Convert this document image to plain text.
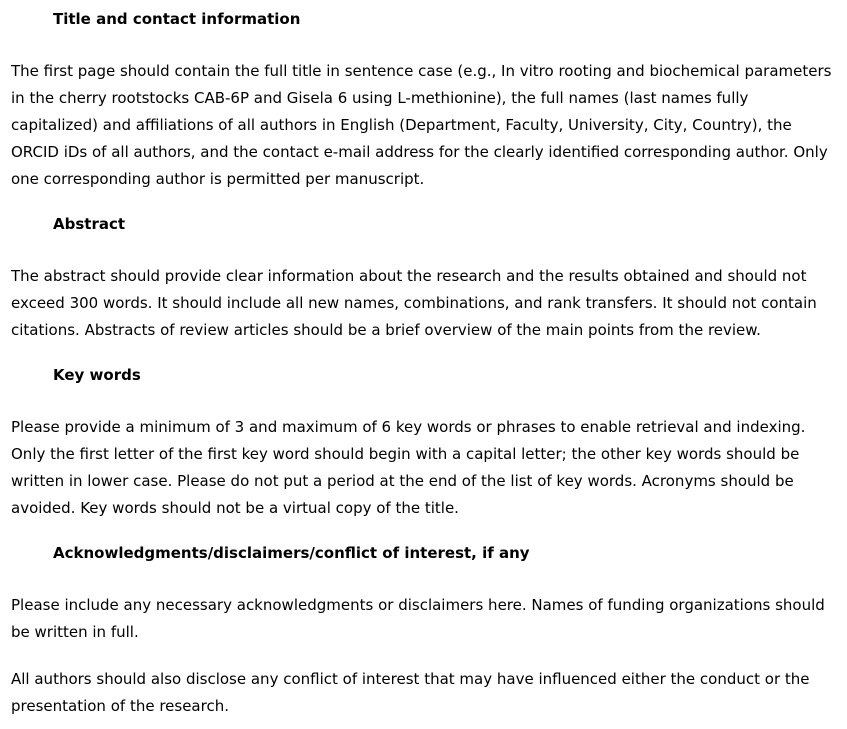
Title and contact information

The first page should contain the full title in sentence case (e.g., In vitro rooting and biochemical parameters in the cherry rootstocks CAB-6P and Gisela 6 using L-methionine), the full names (last names fully capitalized) and affiliations of all authors in English (Department, Faculty, University, City, Country), the ORCID iDs of all authors, and the contact e-mail address for the clearly identified corresponding author. Only one corresponding author is permitted per manuscript.

Abstract

The abstract should provide clear information about the research and the results obtained and should not exceed 300 words. It should include all new names, combinations, and rank transfers. It should not contain citations. Abstracts of review articles should be a brief overview of the main points from the review.

Key words

Please provide a minimum of 3 and maximum of 6 key words or phrases to enable retrieval and indexing. Only the first letter of the first key word should begin with a capital letter; the other key words should be written in lower case. Please do not put a period at the end of the list of key words. Acronyms should be avoided. Key words should not be a virtual copy of the title.

Acknowledgments/disclaimers/conflict of interest, if any

Please include any necessary acknowledgments or disclaimers here. Names of funding organizations should be written in full.

All authors should also disclose any conflict of interest that may have influenced either the conduct or the presentation of the research.
